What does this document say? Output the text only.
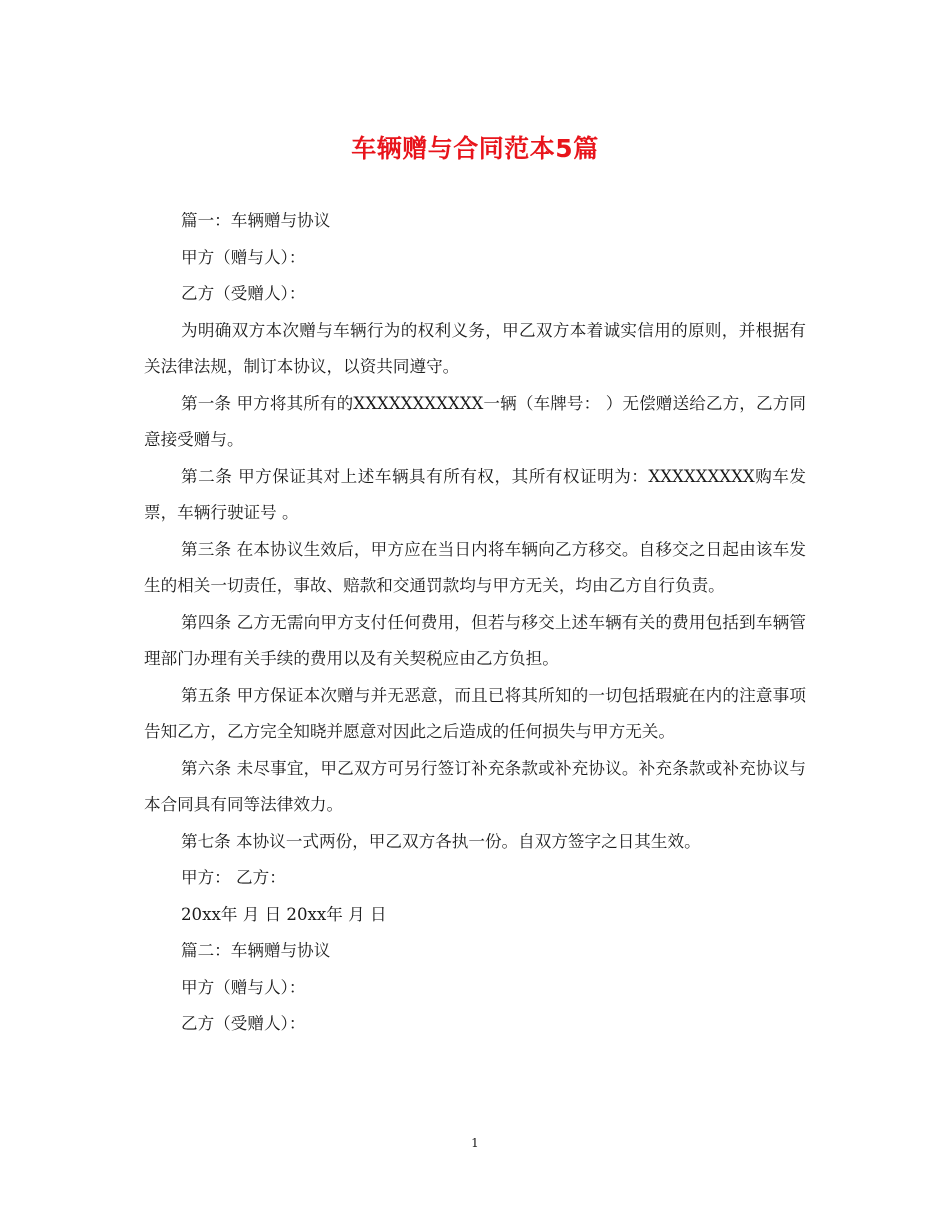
车辆赠与合同范本5篇

篇一：车辆赠与协议

甲方（赠与人）：

乙方（受赠人）：

为明确双方本次赠与车辆行为的权利义务，甲乙双方本着诚实信用的原则，并根据有关法律法规，制订本协议，以资共同遵守。

第一条 甲方将其所有的XXXXXXXXXXX一辆（车牌号： ）无偿赠送给乙方，乙方同意接受赠与。

第二条 甲方保证其对上述车辆具有所有权，其所有权证明为：XXXXXXXXX购车发票，车辆行驶证号 。

第三条 在本协议生效后，甲方应在当日内将车辆向乙方移交。自移交之日起由该车发生的相关一切责任，事故、赔款和交通罚款均与甲方无关，均由乙方自行负责。

第四条 乙方无需向甲方支付任何费用，但若与移交上述车辆有关的费用包括到车辆管理部门办理有关手续的费用以及有关契税应由乙方负担。

第五条 甲方保证本次赠与并无恶意，而且已将其所知的一切包括瑕疵在内的注意事项告知乙方，乙方完全知晓并愿意对因此之后造成的任何损失与甲方无关。

第六条 未尽事宜，甲乙双方可另行签订补充条款或补充协议。补充条款或补充协议与本合同具有同等法律效力。

第七条 本协议一式两份，甲乙双方各执一份。自双方签字之日其生效。

甲方： 乙方：

20xx年 月 日 20xx年 月 日

篇二：车辆赠与协议

甲方（赠与人）：

乙方（受赠人）：

1
